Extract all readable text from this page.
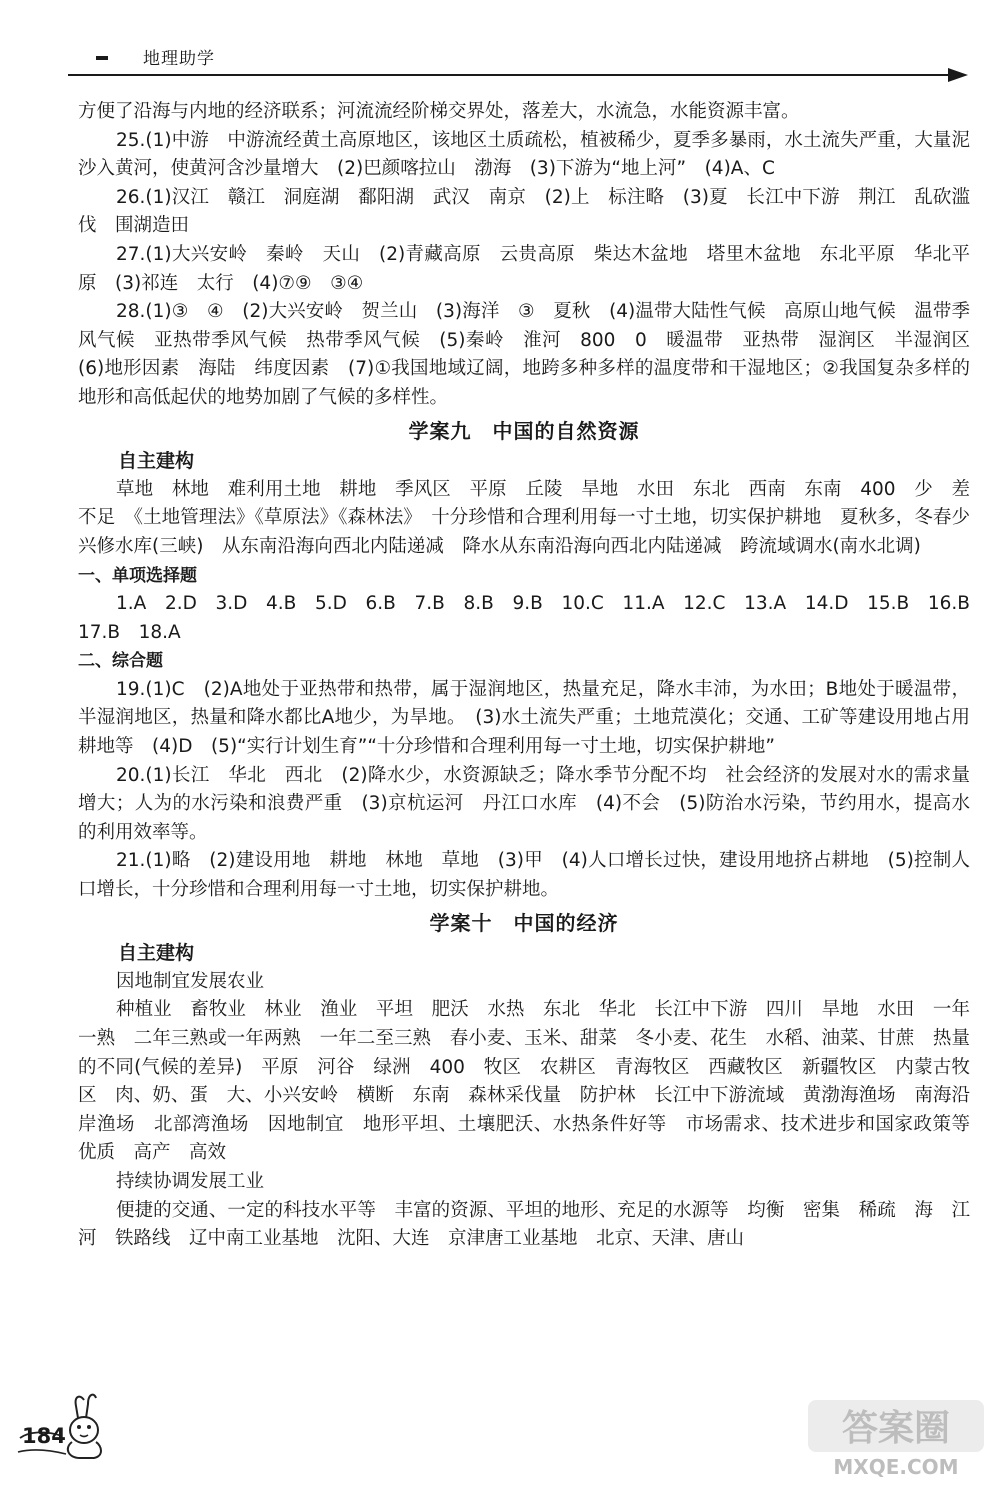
地理助学

方便了沿海与内地的经济联系；河流流经阶梯交界处，落差大，水流急，水能资源丰富。

25.(1)中游　中游流经黄土高原地区，该地区土质疏松，植被稀少，夏季多暴雨，水土流失严重，大量泥沙入黄河，使黄河含沙量增大　(2)巴颜喀拉山　渤海　(3)下游为“地上河”　(4)A、C

26.(1)汉江　赣江　洞庭湖　鄱阳湖　武汉　南京　(2)上　标注略　(3)夏　长江中下游　荆江　乱砍滥伐　围湖造田

27.(1)大兴安岭　秦岭　天山　(2)青藏高原　云贵高原　柴达木盆地　塔里木盆地　东北平原　华北平原　(3)祁连　太行　(4)⑦⑨　③④

28.(1)③　④　(2)大兴安岭　贺兰山　(3)海洋　③　夏秋　(4)温带大陆性气候　高原山地气候　温带季风气候　亚热带季风气候　热带季风气候　(5)秦岭　淮河　800　0　暖温带　亚热带　湿润区　半湿润区　(6)地形因素　海陆　纬度因素　(7)①我国地域辽阔，地跨多种多样的温度带和干湿地区；②我国复杂多样的地形和高低起伏的地势加剧了气候的多样性。

学案九　中国的自然资源

自主建构

草地　林地　难利用土地　耕地　季风区　平原　丘陵　旱地　水田　东北　西南　东南　400　少　差　不足　《土地管理法》《草原法》《森林法》　十分珍惜和合理利用每一寸土地，切实保护耕地　夏秋多，冬春少　兴修水库(三峡)　从东南沿海向西北内陆递减　降水从东南沿海向西北内陆递减　跨流域调水(南水北调)

一、单项选择题

1.A　2.D　3.D　4.B　5.D　6.B　7.B　8.B　9.B　10.C　11.A　12.C　13.A　14.D　15.B　16.B　17.B　18.A

二、综合题

19.(1)C　(2)A地处于亚热带和热带，属于湿润地区，热量充足，降水丰沛，为水田；B地处于暖温带，半湿润地区，热量和降水都比A地少，为旱地。　(3)水土流失严重；土地荒漠化；交通、工矿等建设用地占用耕地等　(4)D　(5)“实行计划生育”“十分珍惜和合理利用每一寸土地，切实保护耕地”

20.(1)长江　华北　西北　(2)降水少，水资源缺乏；降水季节分配不均　社会经济的发展对水的需求量增大；人为的水污染和浪费严重　(3)京杭运河　丹江口水库　(4)不会　(5)防治水污染，节约用水，提高水的利用效率等。

21.(1)略　(2)建设用地　耕地　林地　草地　(3)甲　(4)人口增长过快，建设用地挤占耕地　(5)控制人口增长，十分珍惜和合理利用每一寸土地，切实保护耕地。

学案十　中国的经济

自主建构

因地制宜发展农业

种植业　畜牧业　林业　渔业　平坦　肥沃　水热　东北　华北　长江中下游　四川　旱地　水田　一年一熟　二年三熟或一年两熟　一年二至三熟　春小麦、玉米、甜菜　冬小麦、花生　水稻、油菜、甘蔗　热量的不同(气候的差异)　平原　河谷　绿洲　400　牧区　农耕区　青海牧区　西藏牧区　新疆牧区　内蒙古牧区　肉、奶、蛋　大、小兴安岭　横断　东南　森林采伐量　防护林　长江中下游流域　黄渤海渔场　南海沿岸渔场　北部湾渔场　因地制宜　地形平坦、土壤肥沃、水热条件好等　市场需求、技术进步和国家政策等　优质　高产　高效

持续协调发展工业

便捷的交通、一定的科技水平等　丰富的资源、平坦的地形、充足的水源等　均衡　密集　稀疏　海　江河　铁路线　辽中南工业基地　沈阳、大连　京津唐工业基地　北京、天津、唐山

184	答案圈
MXQE.COM
